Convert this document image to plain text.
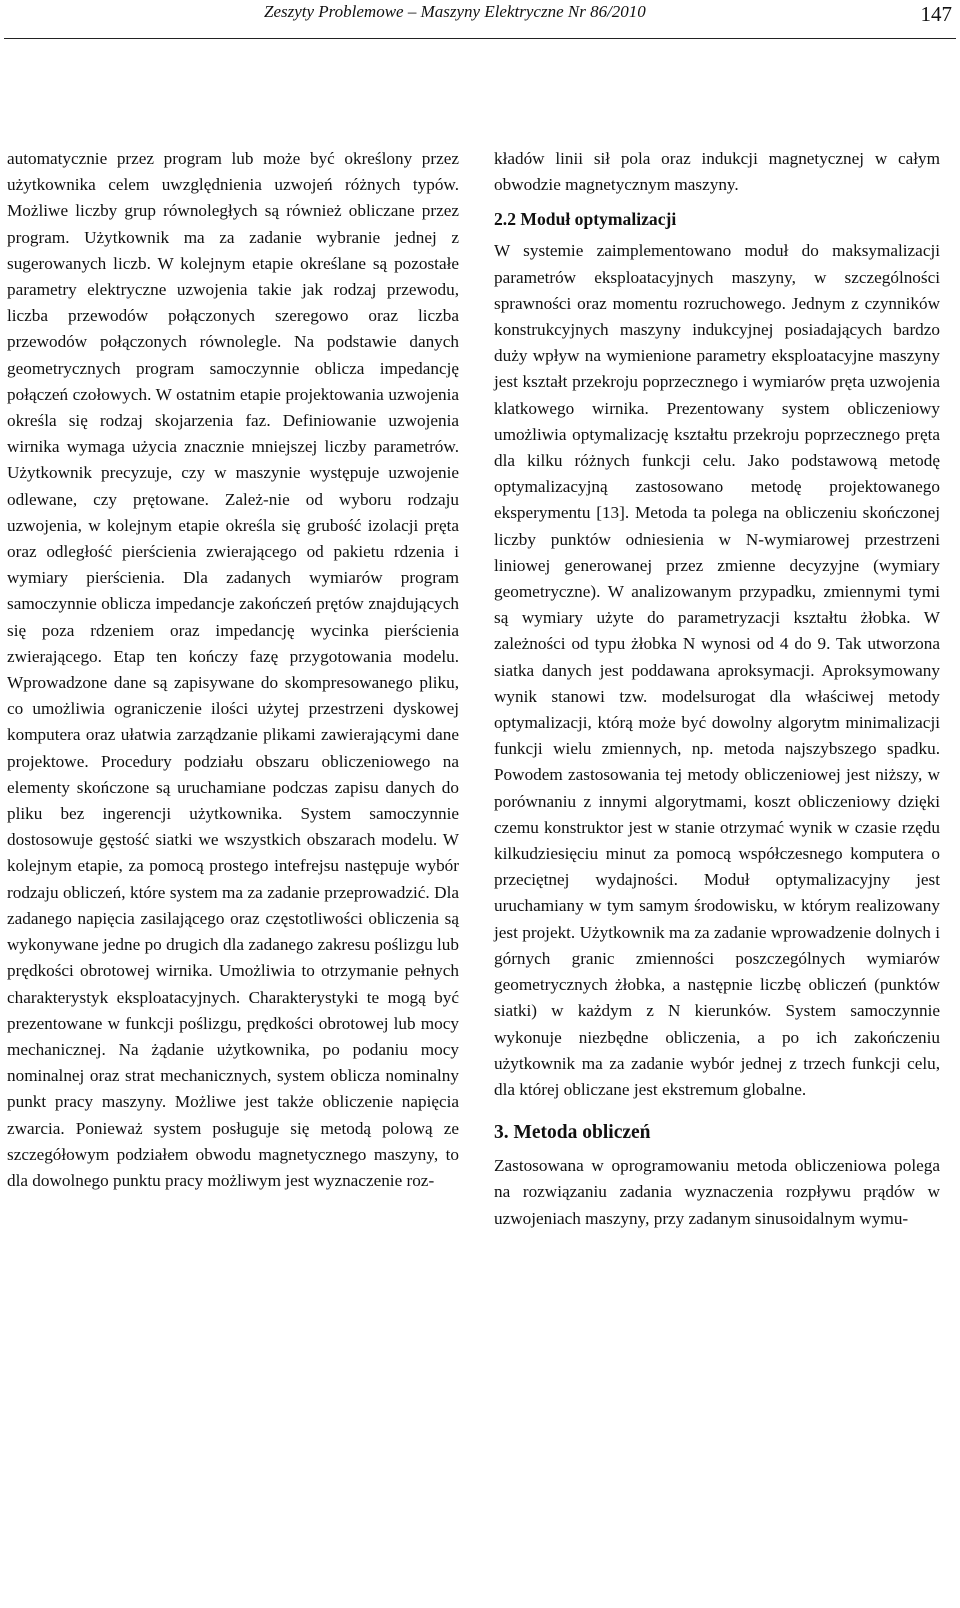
Zeszyty Problemowe – Maszyny Elektryczne Nr 86/2010	147

automatycznie przez program lub może być określony przez użytkownika celem uwzględnienia uzwojeń różnych typów. Możliwe liczby grup równoległych są również obliczane przez program. Użytkownik ma za zadanie wybranie jednej z sugerowanych liczb. W kolejnym etapie określane są pozostałe parametry elektryczne uzwojenia takie jak rodzaj przewodu, liczba przewodów połączonych szeregowo oraz liczba przewodów połączonych równolegle. Na podstawie danych geometrycznych program samoczynnie oblicza impedancję połączeń czołowych. W ostatnim etapie projektowania uzwojenia określa się rodzaj skojarzenia faz. Definiowanie uzwojenia wirnika wymaga użycia znacznie mniejszej liczby parametrów. Użytkownik precyzuje, czy w maszynie występuje uzwojenie odlewane, czy prętowane. Zależ-nie od wyboru rodzaju uzwojenia, w kolejnym etapie określa się grubość izolacji pręta oraz odległość pierścienia zwierającego od pakietu rdzenia i wymiary pierścienia. Dla zadanych wymiarów program samoczynnie oblicza impedancje zakończeń prętów znajdujących się poza rdzeniem oraz impedancję wycinka pierścienia zwierającego. Etap ten kończy fazę przygotowania modelu. Wprowadzone dane są zapisywane do skompresowanego pliku, co umożliwia ograniczenie ilości użytej przestrzeni dyskowej komputera oraz ułatwia zarządzanie plikami zawierającymi dane projektowe. Procedury podziału obszaru obliczeniowego na elementy skończone są uruchamiane podczas zapisu danych do pliku bez ingerencji użytkownika. System samoczynnie dostosowuje gęstość siatki we wszystkich obszarach modelu. W kolejnym etapie, za pomocą prostego intefrejsu następuje wybór rodzaju obliczeń, które system ma za zadanie przeprowadzić. Dla zadanego napięcia zasilającego oraz częstotliwości obliczenia są wykonywane jedne po drugich dla zadanego zakresu poślizgu lub prędkości obrotowej wirnika. Umożliwia to otrzymanie pełnych charakterystyk eksploatacyjnych. Charakterystyki te mogą być prezentowane w funkcji poślizgu, prędkości obrotowej lub mocy mechanicznej. Na żądanie użytkownika, po podaniu mocy nominalnej oraz strat mechanicznych, system oblicza nominalny punkt pracy maszyny. Możliwe jest także obliczenie napięcia zwarcia. Ponieważ system posługuje się metodą polową ze szczegółowym podziałem obwodu magnetycznego maszyny, to dla dowolnego punktu pracy możliwym jest wyznaczenie roz-

kładów linii sił pola oraz indukcji magnetycznej w całym obwodzie magnetycznym maszyny.

2.2 Moduł optymalizacji

W systemie zaimplementowano moduł do maksymalizacji parametrów eksploatacyjnych maszyny, w szczególności sprawności oraz momentu rozruchowego. Jednym z czynników konstrukcyjnych maszyny indukcyjnej posiadających bardzo duży wpływ na wymienione parametry eksploatacyjne maszyny jest kształt przekroju poprzecznego i wymiarów pręta uzwojenia klatkowego wirnika. Prezentowany system obliczeniowy umożliwia optymalizację kształtu przekroju poprzecznego pręta dla kilku różnych funkcji celu. Jako podstawową metodę optymalizacyjną zastosowano metodę projektowanego eksperymentu [13]. Metoda ta polega na obliczeniu skończonej liczby punktów odniesienia w N-wymiarowej przestrzeni liniowej generowanej przez zmienne decyzyjne (wymiary geometryczne). W analizowanym przypadku, zmiennymi tymi są wymiary użyte do parametryzacji kształtu żłobka. W zależności od typu żłobka N wynosi od 4 do 9. Tak utworzona siatka danych jest poddawana aproksymacji. Aproksymowany wynik stanowi tzw. modelsurogat dla właściwej metody optymalizacji, którą może być dowolny algorytm minimalizacji funkcji wielu zmiennych, np. metoda najszybszego spadku. Powodem zastosowania tej metody obliczeniowej jest niższy, w porównaniu z innymi algorytmami, koszt obliczeniowy dzięki czemu konstruktor jest w stanie otrzymać wynik w czasie rzędu kilkudziesięciu minut za pomocą współczesnego komputera o przeciętnej wydajności. Moduł optymalizacyjny jest uruchamiany w tym samym środowisku, w którym realizowany jest projekt. Użytkownik ma za zadanie wprowadzenie dolnych i górnych granic zmienności poszczególnych wymiarów geometrycznych żłobka, a następnie liczbę obliczeń (punktów siatki) w każdym z N kierunków. System samoczynnie wykonuje niezbędne obliczenia, a po ich zakończeniu użytkownik ma za zadanie wybór jednej z trzech funkcji celu, dla której obliczane jest ekstremum globalne.

3. Metoda obliczeń

Zastosowana w oprogramowaniu metoda obliczeniowa polega na rozwiązaniu zadania wyznaczenia rozpływu prądów w uzwojeniach maszyny, przy zadanym sinusoidalnym wymu-
